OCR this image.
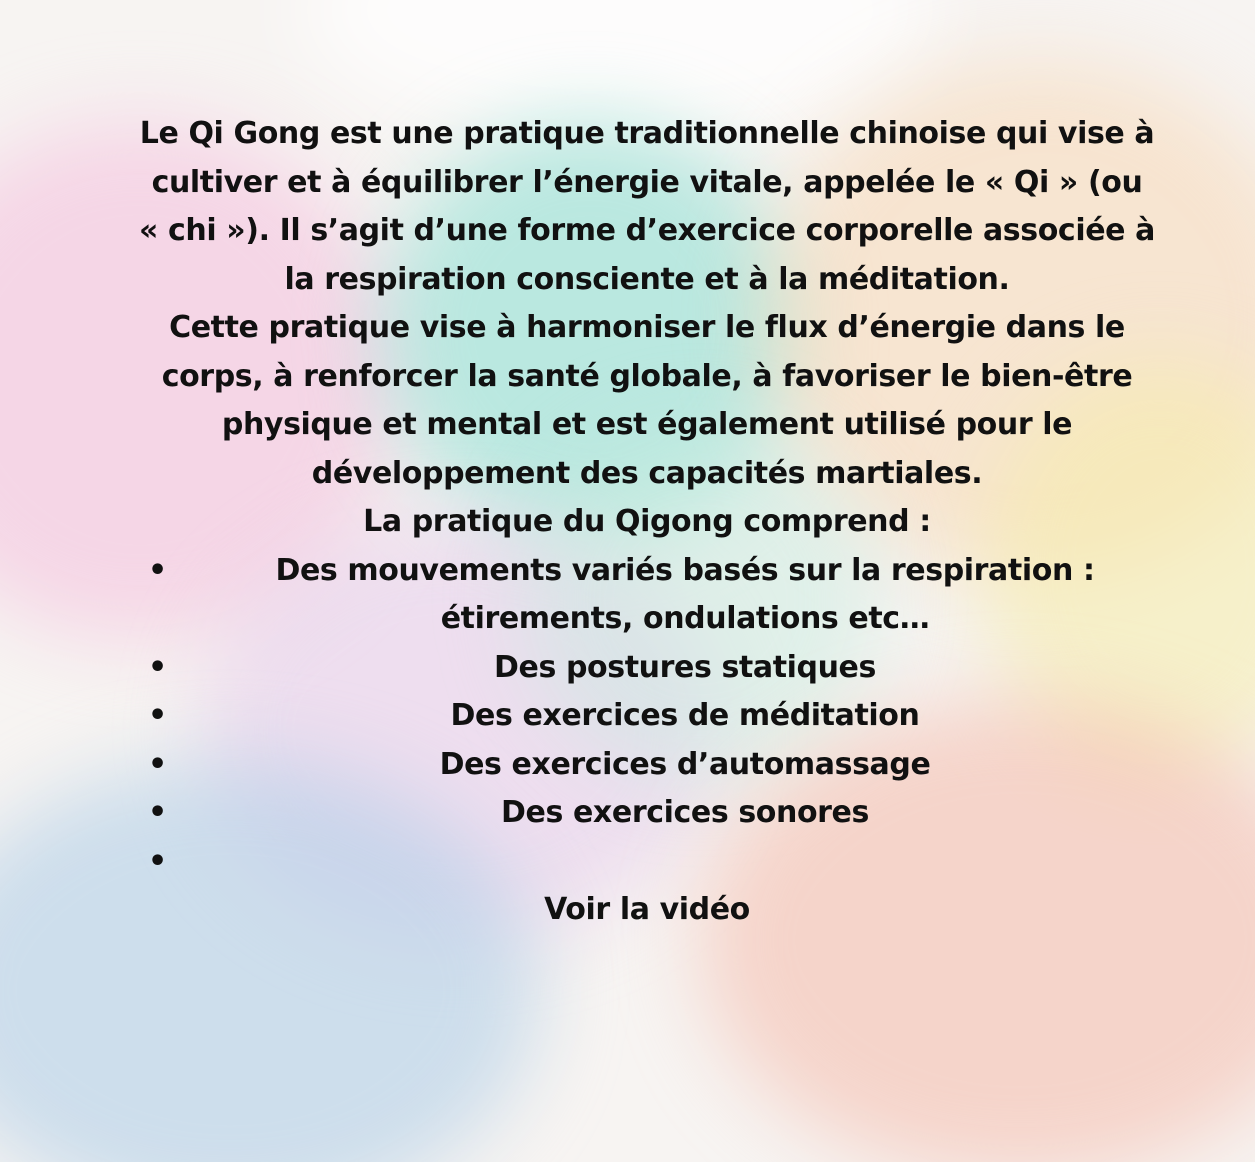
Le Qi Gong est une pratique traditionnelle chinoise qui vise à cultiver et à équilibrer l’énergie vitale, appelée le « Qi » (ou « chi »). Il s’agit d’une forme d’exercice corporelle associée à la respiration consciente et à la méditation.

Cette pratique vise à harmoniser le flux d’énergie dans le corps, à renforcer la santé globale, à favoriser le bien-être physique et mental et est également utilisé pour le développement des capacités martiales.

La pratique du Qigong comprend :

•	Des mouvements variés basés sur la respiration : étirements, ondulations etc…
•	Des postures statiques
•	Des exercices de méditation
•	Des exercices d’automassage
•	Des exercices sonores
•

Voir la vidéo
